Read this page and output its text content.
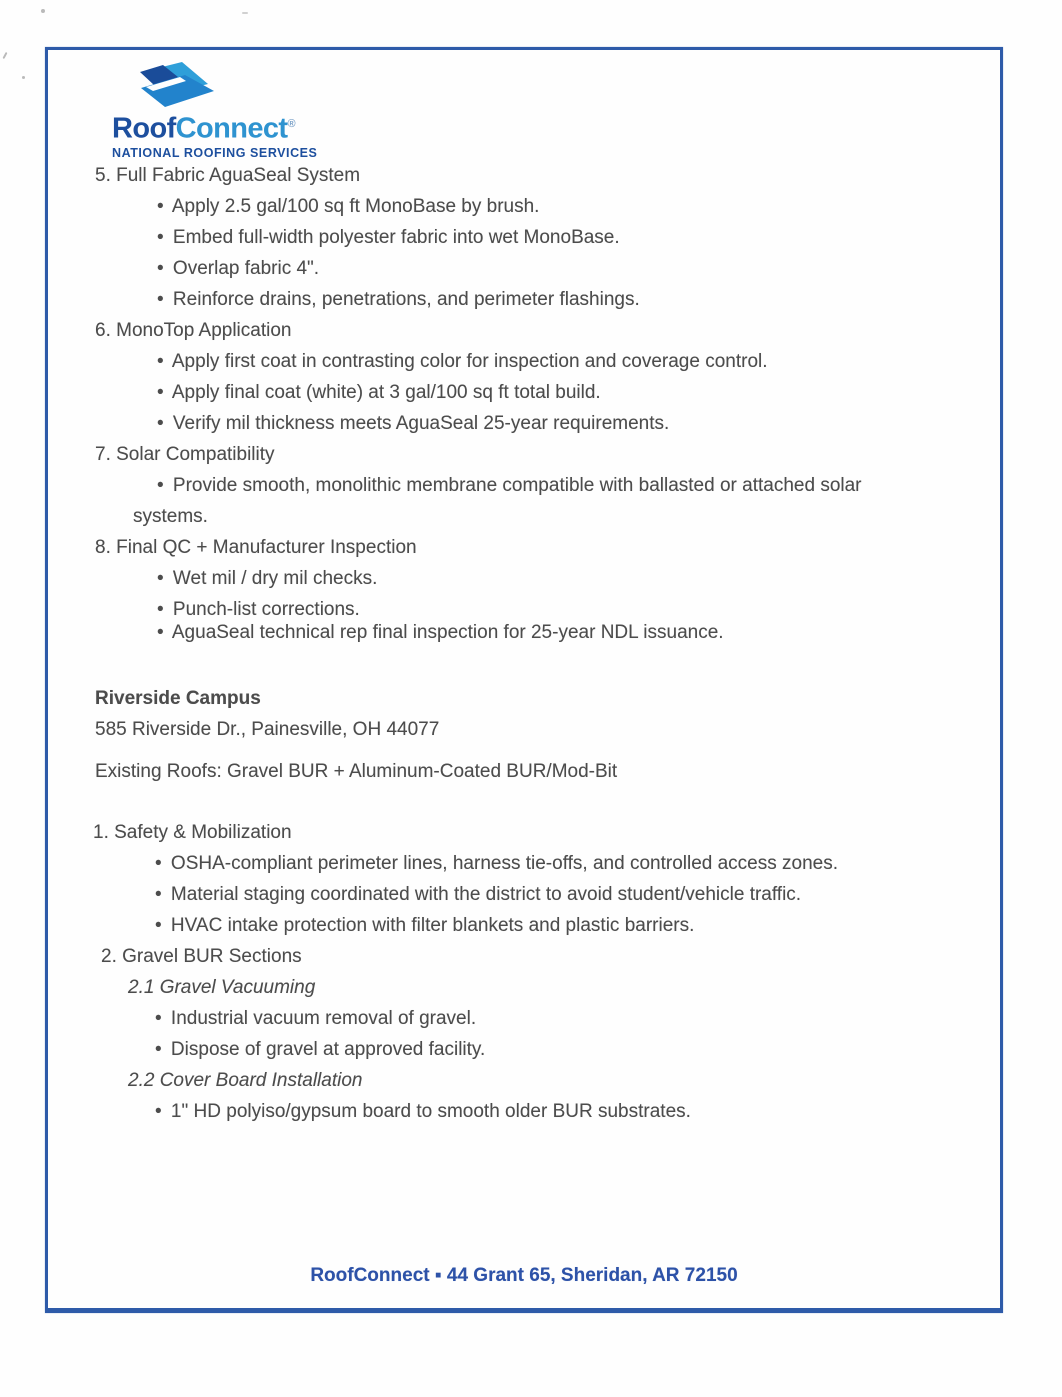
RoofConnect®
NATIONAL ROOFING SERVICES
5. Full Fabric AguaSeal System
• Apply 2.5 gal/100 sq ft MonoBase by brush.
• Embed full-width polyester fabric into wet MonoBase.
• Overlap fabric 4".
• Reinforce drains, penetrations, and perimeter flashings.
6. MonoTop Application
• Apply first coat in contrasting color for inspection and coverage control.
• Apply final coat (white) at 3 gal/100 sq ft total build.
• Verify mil thickness meets AguaSeal 25-year requirements.
7. Solar Compatibility
• Provide smooth, monolithic membrane compatible with ballasted or attached solar systems.
8. Final QC + Manufacturer Inspection
• Wet mil / dry mil checks.
• Punch-list corrections.
• AguaSeal technical rep final inspection for 25-year NDL issuance.
Riverside Campus
585 Riverside Dr., Painesville, OH 44077
Existing Roofs: Gravel BUR + Aluminum-Coated BUR/Mod-Bit
1. Safety & Mobilization
• OSHA-compliant perimeter lines, harness tie-offs, and controlled access zones.
• Material staging coordinated with the district to avoid student/vehicle traffic.
• HVAC intake protection with filter blankets and plastic barriers.
2. Gravel BUR Sections
2.1 Gravel Vacuuming
• Industrial vacuum removal of gravel.
• Dispose of gravel at approved facility.
2.2 Cover Board Installation
• 1" HD polyiso/gypsum board to smooth older BUR substrates.
RoofConnect ▪ 44 Grant 65, Sheridan, AR 72150
